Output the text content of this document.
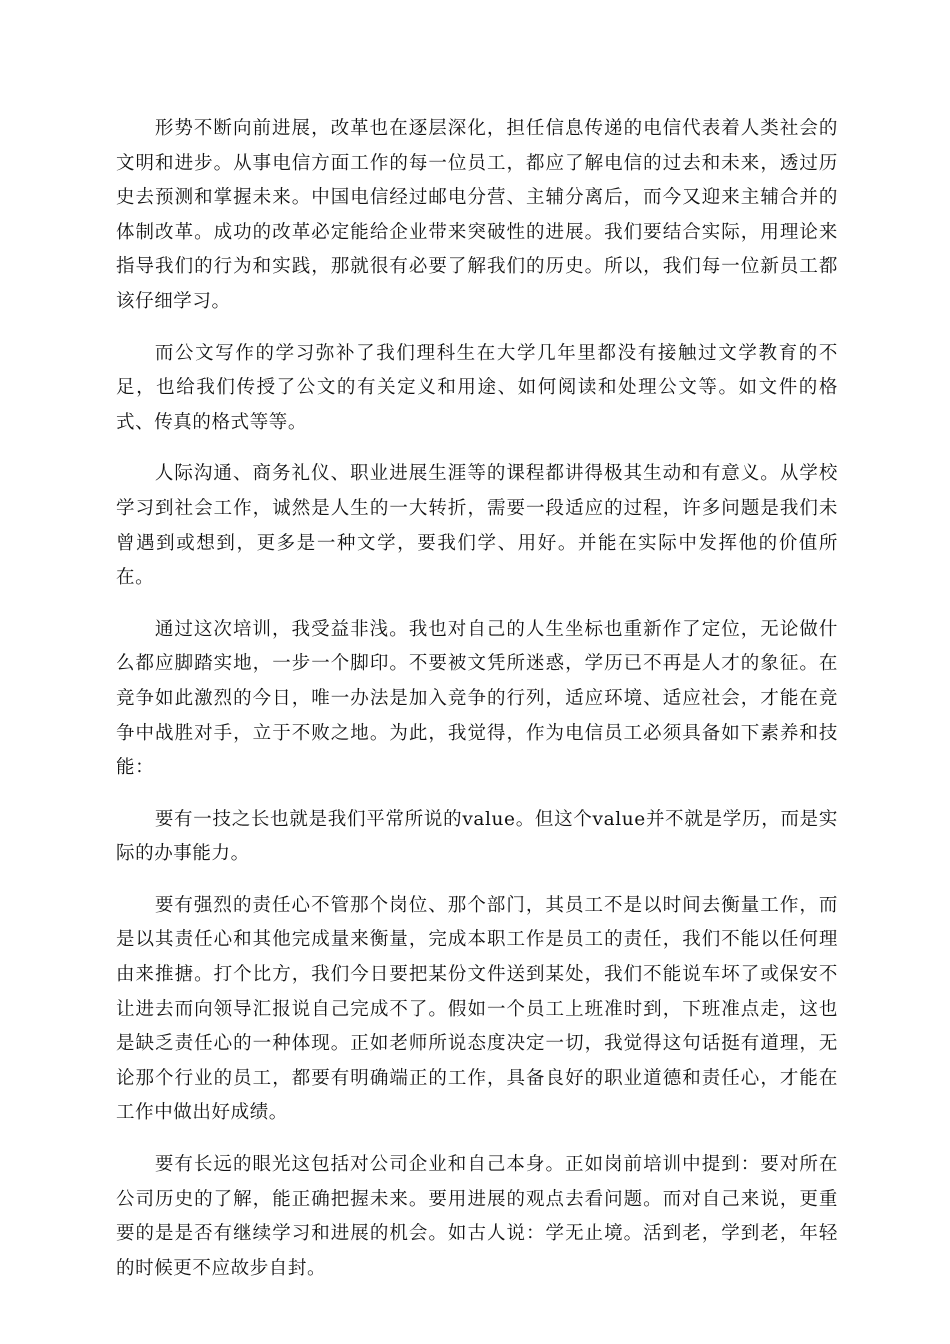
形势不断向前进展，改革也在逐层深化，担任信息传递的电信代表着人类社会的文明和进步。从事电信方面工作的每一位员工，都应了解电信的过去和未来，透过历史去预测和掌握未来。中国电信经过邮电分营、主辅分离后，而今又迎来主辅合并的体制改革。成功的改革必定能给企业带来突破性的进展。我们要结合实际，用理论来指导我们的行为和实践，那就很有必要了解我们的历史。所以，我们每一位新员工都该仔细学习。

而公文写作的学习弥补了我们理科生在大学几年里都没有接触过文学教育的不足，也给我们传授了公文的有关定义和用途、如何阅读和处理公文等。如文件的格式、传真的格式等等。

人际沟通、商务礼仪、职业进展生涯等的课程都讲得极其生动和有意义。从学校学习到社会工作，诚然是人生的一大转折，需要一段适应的过程，许多问题是我们未曾遇到或想到，更多是一种文学，要我们学、用好。并能在实际中发挥他的价值所在。

通过这次培训，我受益非浅。我也对自己的人生坐标也重新作了定位，无论做什么都应脚踏实地，一步一个脚印。不要被文凭所迷惑，学历已不再是人才的象征。在竞争如此激烈的今日，唯一办法是加入竞争的行列，适应环境、适应社会，才能在竞争中战胜对手，立于不败之地。为此，我觉得，作为电信员工必须具备如下素养和技能：

要有一技之长也就是我们平常所说的value。但这个value并不就是学历，而是实际的办事能力。

要有强烈的责任心不管那个岗位、那个部门，其员工不是以时间去衡量工作，而是以其责任心和其他完成量来衡量，完成本职工作是员工的责任，我们不能以任何理由来推搪。打个比方，我们今日要把某份文件送到某处，我们不能说车坏了或保安不让进去而向领导汇报说自己完成不了。假如一个员工上班准时到，下班准点走，这也是缺乏责任心的一种体现。正如老师所说态度决定一切，我觉得这句话挺有道理，无论那个行业的员工，都要有明确端正的工作，具备良好的职业道德和责任心，才能在工作中做出好成绩。

要有长远的眼光这包括对公司企业和自己本身。正如岗前培训中提到：要对所在公司历史的了解，能正确把握未来。要用进展的观点去看问题。而对自己来说，更重要的是是否有继续学习和进展的机会。如古人说：学无止境。活到老，学到老，年轻的时候更不应故步自封。
